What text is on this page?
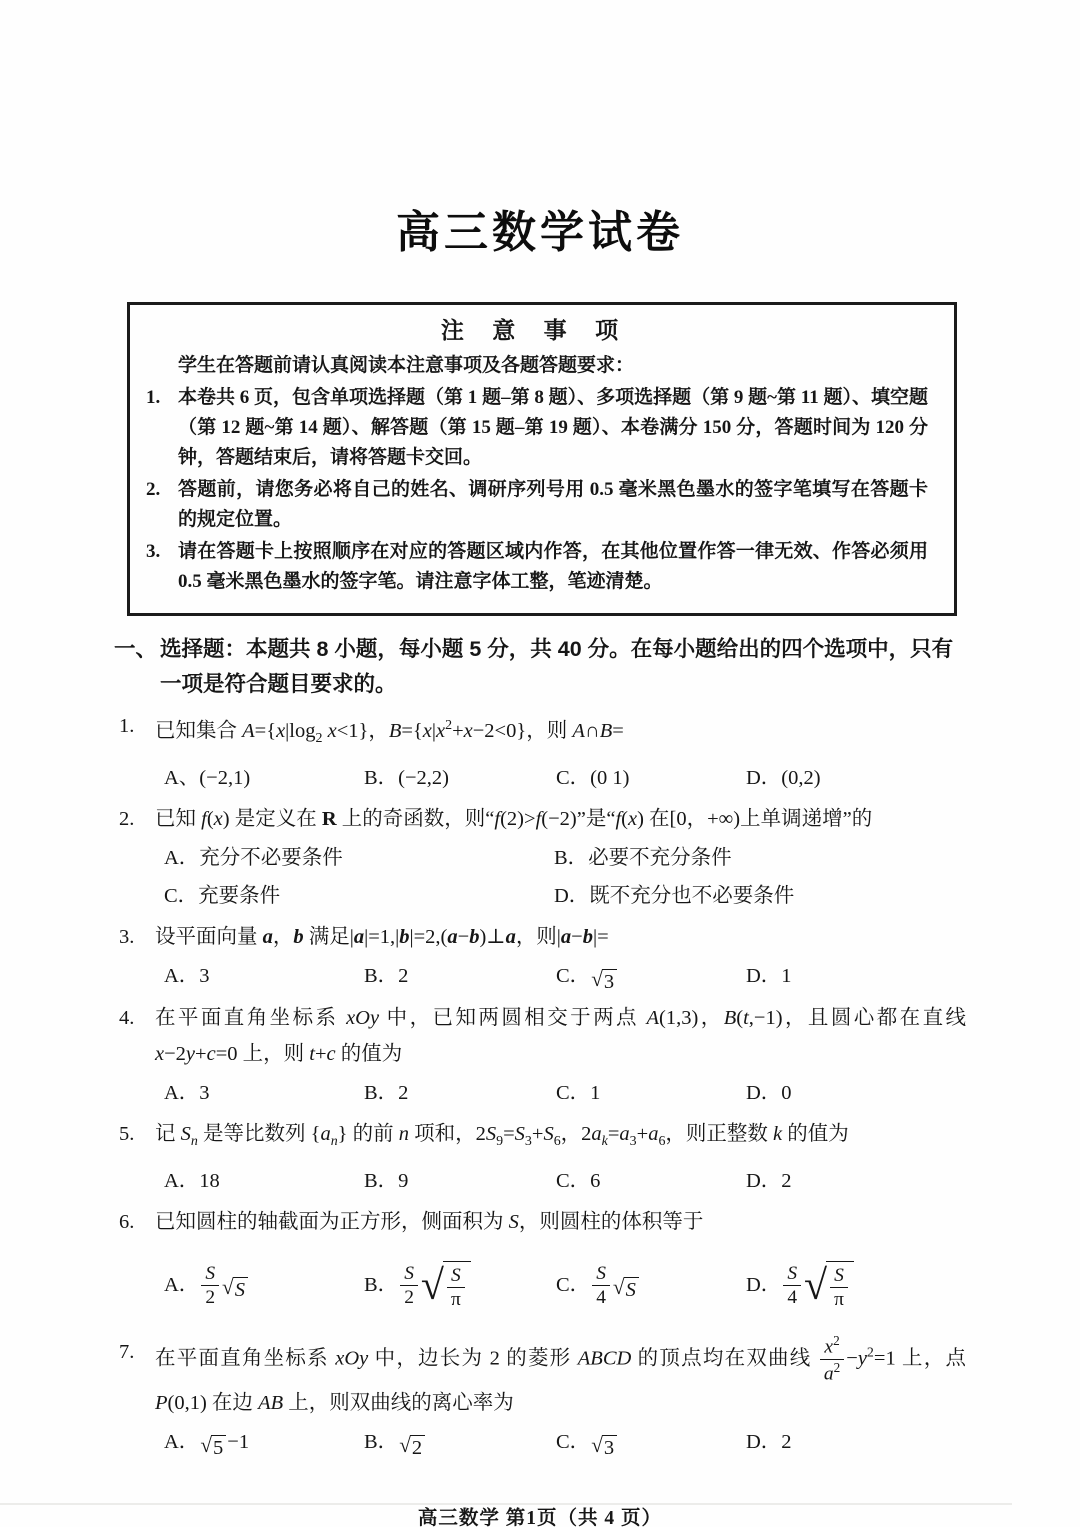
高三数学试卷
注 意 事 项

学生在答题前请认真阅读本注意事项及各题答题要求：

1. 本卷共 6 页，包含单项选择题（第 1 题–第 8 题）、多项选择题（第 9 题~第 11 题）、填空题（第 12 题~第 14 题）、解答题（第 15 题–第 19 题）、本卷满分 150 分，答题时间为 120 分钟，答题结束后，请将答题卡交回。
2. 答题前，请您务必将自己的姓名、调研序列号用 0.5 毫米黑色墨水的签字笔填写在答题卡的规定位置。
3. 请在答题卡上按照顺序在对应的答题区域内作答，在其他位置作答一律无效、作答必须用 0.5 毫米黑色墨水的签字笔。请注意字体工整，笔迹清楚。
一、 选择题：本题共 8 小题，每小题 5 分，共 40 分。在每小题给出的四个选项中，只有一项是符合题目要求的。
1.	已知集合 $A=\{x|\log_2$ x<1}，$B=\{x|x^2+x-2<0\}$，则 A∩B=
A、(−2,1)	B．(−2,2)	C．(0 1)	D．(0,2)
2.	已知 f(x) 是定义在 R 上的奇函数，则“f(2)>f(−2)”是“f(x) 在[0，+∞)上单调递增”的
A．充分不必要条件	B．必要不充分条件
C．充要条件	D．既不充分也不必要条件
3.	设平面向量 a，b 满足|a|=1,|b|=2,(a−b)⊥a，则|a−b|=
A．3	B．2	C． √ 3	D．1
4.	在平面直角坐标系 xOy 中，已知两圆相交于两点 A(1,3)，B(t,−1)，且圆心都在直线 x−2y+c=0 上，则 t+c 的值为
A．3	B．2	C．1	D．0
5.	记 $S_n$ 是等比数列 $\{a_n\}$ 的前 n 项和，$2S_9=S_3+S_6$，$2a_k=a_3+a_6$，则正整数 k 的值为
A．18	B．9	C．6	D．2
6.	已知圆柱的轴截面为正方形，侧面积为 S，则圆柱的体积等于
A． $\frac{S}{2}$ √ S	B． $\frac{S}{2}$ √ $\frac{S}{\pi}$	C． $\frac{S}{4}$ √ S	D． $\frac{S}{4}$ √ $\frac{S}{\pi}$
7.	在平面直角坐标系 xOy 中，边长为 2 的菱形 ABCD 的顶点均在双曲线 $\frac{x^2}{a^2} -y^2=1$ 上，点 P(0,1) 在边 AB 上，则双曲线的离心率为
A． √ 5 −1	B． √ 2	C． √ 3	D．2
高三数学 第1页（共 4 页）
